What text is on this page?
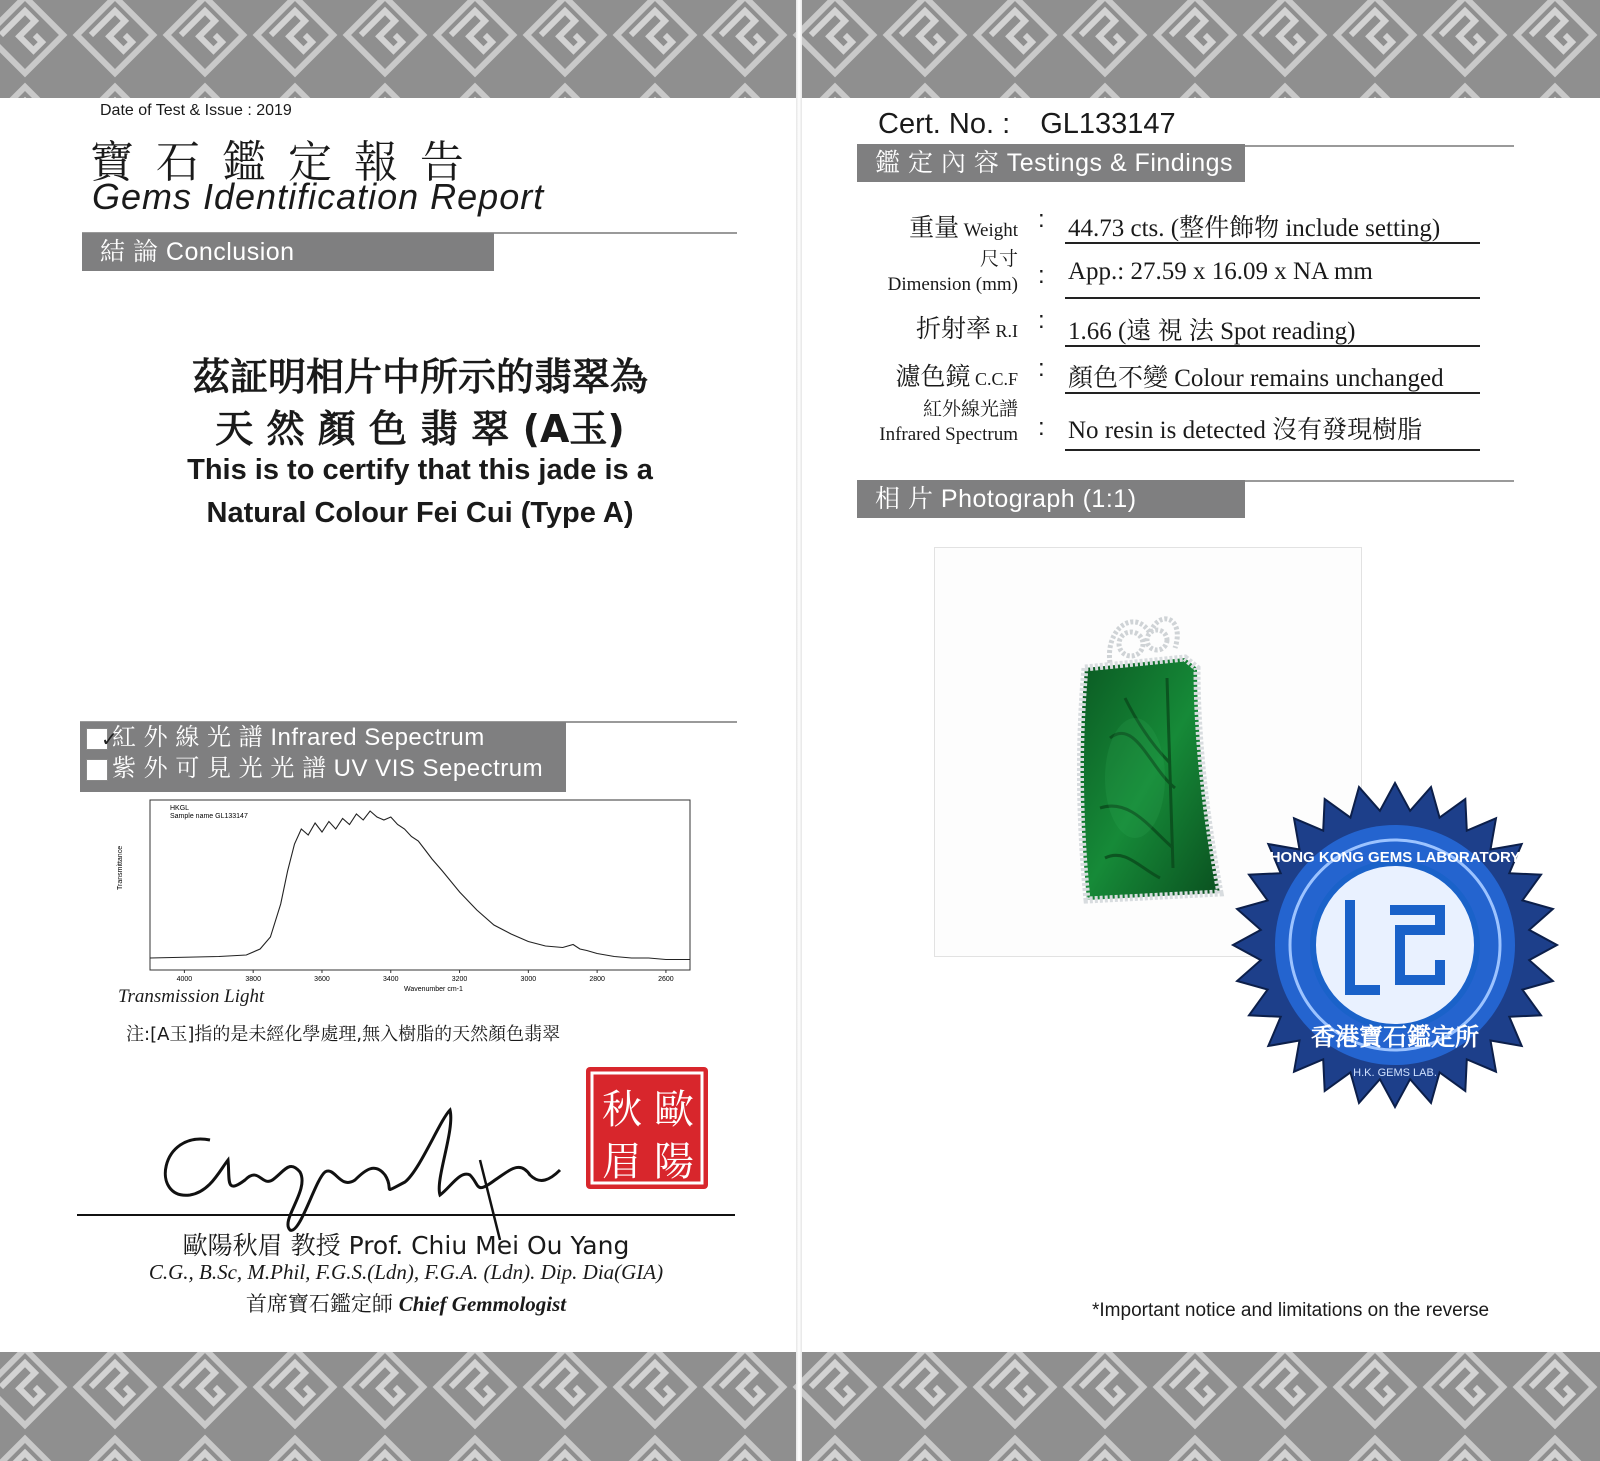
Date of Test & Issue : 2019
寶 石 鑑 定 報 告
Gems Identification Report
結 論 Conclusion
茲証明相片中所示的翡翠為
天 然 顏 色 翡 翠 (A玉)
This is to certify that this jade is a
Natural Colour Fei Cui (Type A)
✓紅 外 線 光 譜 Infrared Sepectrum
紫 外 可 見 光 光 譜 UV VIS Sepectrum
HKGL
Sample name GL133147
Transmittance
Wavenumber cm-1
4000	3800	3600	3400	3200	3000	2800	2600
Transmission Light
注:[A玉]指的是未經化學處理,無入樹脂的天然顏色翡翠
秋 歐
眉 陽
歐陽秋眉 教授 Prof. Chiu Mei Ou Yang
C.G., B.Sc, M.Phil, F.G.S.(Ldn), F.G.A. (Ldn). Dip. Dia(GIA)
首席寶石鑑定師 Chief Gemmologist
Cert. No. : GL133147
鑑 定 內 容 Testings & Findings
重量 Weight : 44.73 cts. (整件飾物 include setting)
尺寸
Dimension (mm) : App.: 27.59 x 16.09 x NA mm
折射率 R.I : 1.66 (遠 視 法 Spot reading)
濾色鏡 C.C.F : 顏色不變 Colour remains unchanged
紅外線光譜
Infrared Spectrum : No resin is detected 沒有發現樹脂
相 片 Photograph (1:1)
HONG KONG GEMS LABORATORY
香港寶石鑑定所
H.K. GEMS LAB.
*Important notice and limitations on the reverse
